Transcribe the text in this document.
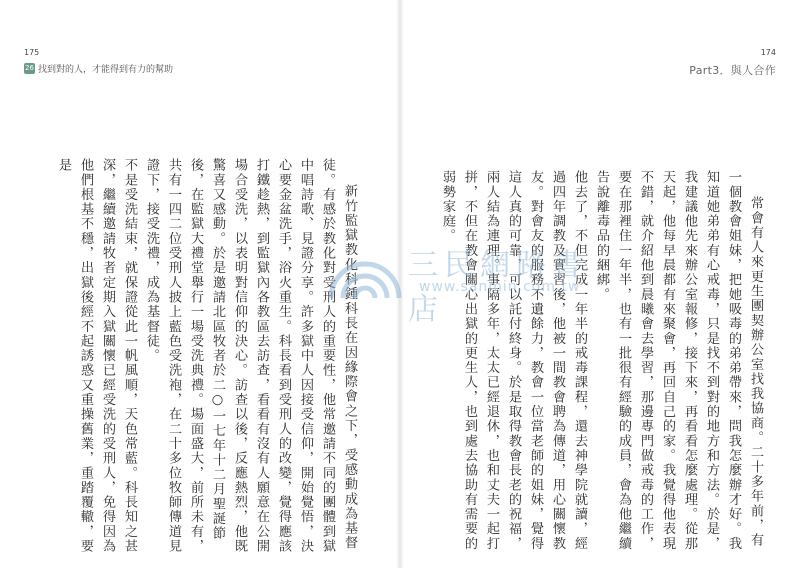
175
26 找到對的人，才能得到有力的幫助

新竹監獄教化科鍾科長在因緣際會之下，受感動成為基督徒。有感於教化對受刑人的重要性，他常邀請不同的團體到獄中唱詩歌、見證分享。許多獄中人因接受信仰，開始覺悟，決心要金盆洗手，浴火重生。科長看到受刑人的改變，覺得應該打鐵趁熱，到監獄內各教區去訪查，看看有沒有人願意在公開場合受洗，以表明對信仰的決心。訪查以後，反應熱烈，他既驚喜又感動。於是邀請北區牧者於二○一七年十二月聖誕節後，在監獄大禮堂舉行一場受洗典禮。場面盛大，前所未有，共有一四二位受刑人披上藍色受洗袍，在二十多位牧師傳道見證下，接受洗禮，成為基督徒。

不是受洗結束，就保證從此一帆風順，天色常藍。科長知之甚深，繼續邀請牧者定期入獄關懷已經受洗的受刑人，免得因為他們根基不穩，出獄後經不起誘惑又重操舊業，重踏覆轍，要是

174
Part3．與人合作

常會有人來更生團契辦公室找我協商。二十多年前，有一個教會姐妹，把她吸毒的弟弟帶來，問我怎麼辦才好。我知道她弟弟有心戒毒，只是找不到對的地方和方法。於是，我建議他先來辦公室報修，接下來，再看看怎麼處理。從那天起，他每早晨都有來聚會，再回自己的家。我覺得他表現不錯，就介紹他到晨曦會去學習，那邊專門做戒毒的工作，要在那裡住一年半，也有一批很有經驗的成員，會為他繼續告說離毒品的綑綁。

他去了，不但完成一年半的戒毒課程，還去神學院就讀，經過四年調教及實習後，他被一間教會聘為傳道，用心關懷教友。對會友的服務不遺餘力，教會一位當老師的姐妹，覺得這人真的可靠，可以託付終身。於是取得教會長老的祝福，兩人結為連理。事隔多年，太太已經退休，也和丈夫一起打拼，不但在教會關心出獄的更生人，也到處去協助有需要的弱勢家庭。

三民網路書店
www.sanmin.com.tw
